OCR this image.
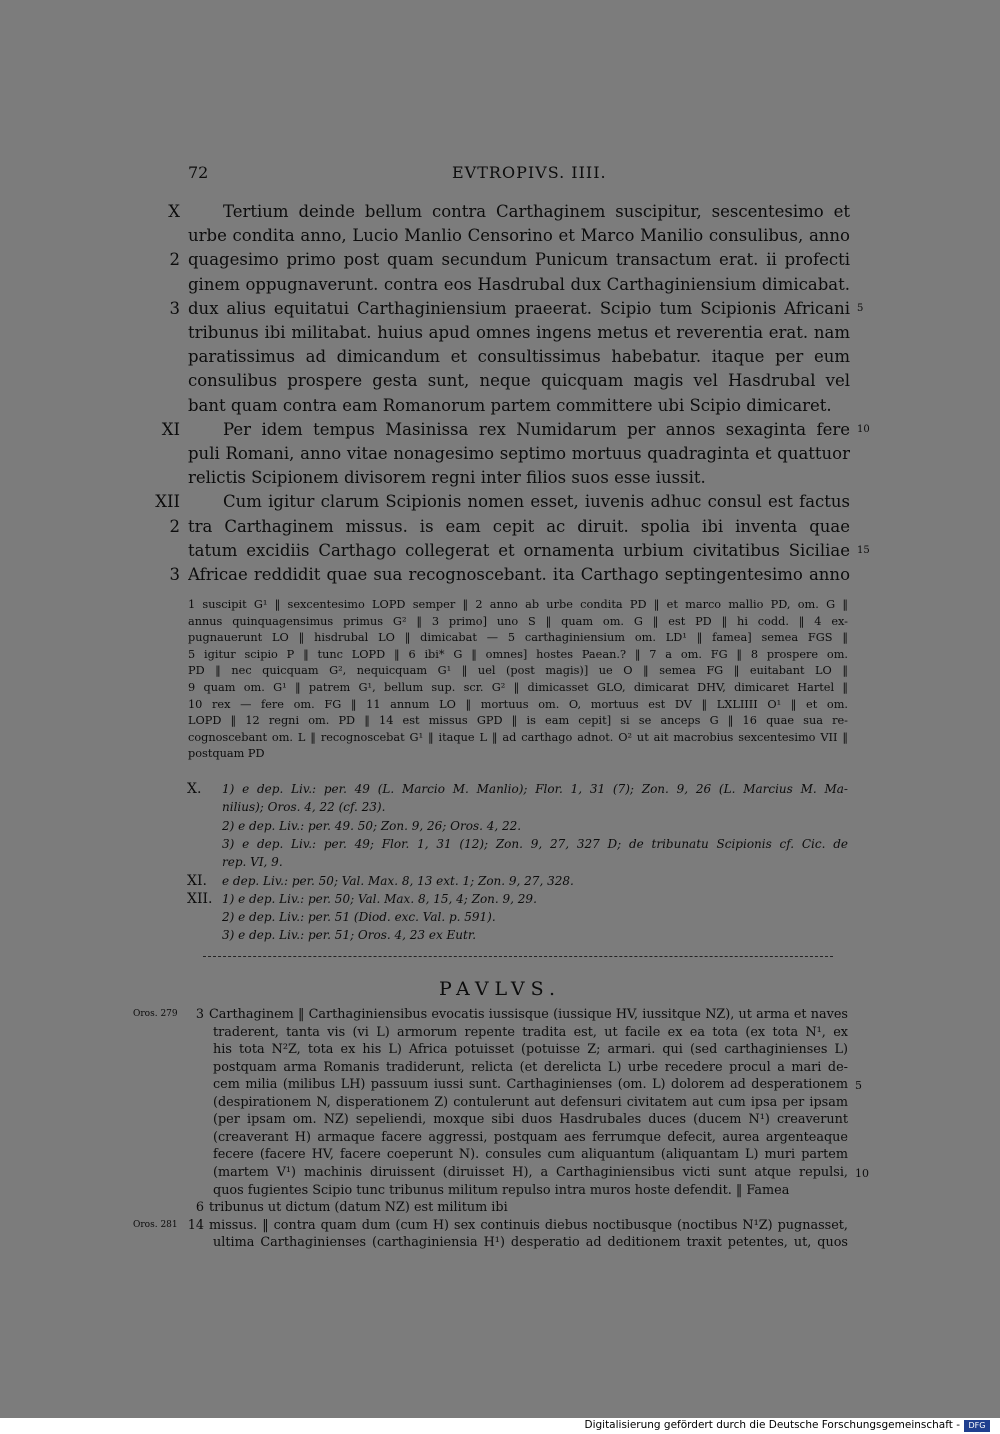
72	EVTROPIVS. IIII.
X	Tertium deinde bellum contra Carthaginem suscipitur, sescentesimo et
urbe condita anno, Lucio Manlio Censorino et Marco Manilio consulibus, anno
2 quagesimo primo post quam secundum Punicum transactum erat. ii profecti
ginem oppugnaverunt. contra eos Hasdrubal dux Carthaginiensium dimicabat.
3 dux alius equitatui Carthaginiensium praeerat. Scipio tum Scipionis Africani 5
tribunus ibi militabat. huius apud omnes ingens metus et reverentia erat. nam
paratissimus ad dimicandum et consultissimus habebatur. itaque per eum
consulibus prospere gesta sunt, neque quicquam magis vel Hasdrubal vel
bant quam contra eam Romanorum partem committere ubi Scipio dimicaret.
XI	Per idem tempus Masinissa rex Numidarum per annos sexaginta fere 10
puli Romani, anno vitae nonagesimo septimo mortuus quadraginta et quattuor
relictis Scipionem divisorem regni inter filios suos esse iussit.
XII	Cum igitur clarum Scipionis nomen esset, iuvenis adhuc consul est factus
2 tra Carthaginem missus. is eam cepit ac diruit. spolia ibi inventa quae
tatum excidiis Carthago collegerat et ornamenta urbium civitatibus Siciliae 15
3 Africae reddidit quae sua recognoscebant. ita Carthago septingentesimo anno
1 suscipit G¹ ‖ sexcentesimo LOPD semper ‖ 2 anno ab urbe condita PD ‖ et marco mallio PD, om. G ‖
annus quinquagensimus primus G² ‖ 3 primo] uno S ‖ quam om. G ‖ est PD ‖ hi codd. ‖ 4 ex-
pugnauerunt LO ‖ hisdrubal LO ‖ dimicabat — 5 carthaginiensium om. LD¹ ‖ famea] semea FGS ‖
5 igitur scipio P ‖ tunc LOPD ‖ 6 ibi* G ‖ omnes] hostes Paean.? ‖ 7 a om. FG ‖ 8 prospere om.
PD ‖ nec quicquam G², nequicquam G¹ ‖ uel (post magis)] ue O ‖ semea FG ‖ euitabant LO ‖
9 quam om. G¹ ‖ patrem G¹, bellum sup. scr. G² ‖ dimicasset GLO, dimicarat DHV, dimicaret Hartel ‖
10 rex — fere om. FG ‖ 11 annum LO ‖ mortuus om. O, mortuus est DV ‖ LXLIIII O¹ ‖ et om.
LOPD ‖ 12 regni om. PD ‖ 14 est missus GPD ‖ is eam cepit] si se anceps G ‖ 16 quae sua re-
cognoscebant om. L ‖ recognoscebat G¹ ‖ itaque L ‖ ad carthago adnot. O² ut ait macrobius sexcentesimo VII ‖
postquam PD
X. 1) e dep. Liv.: per. 49 (L. Marcio M. Manlio); Flor. 1, 31 (7); Zon. 9, 26 (L. Marcius M. Ma-
nilius); Oros. 4, 22 (cf. 23).
2) e dep. Liv.: per. 49. 50; Zon. 9, 26; Oros. 4, 22.
3) e dep. Liv.: per. 49; Flor. 1, 31 (12); Zon. 9, 27, 327 D; de tribunatu Scipionis cf. Cic. de
rep. VI, 9.
XI. e dep. Liv.: per. 50; Val. Max. 8, 13 ext. 1; Zon. 9, 27, 328.
XII. 1) e dep. Liv.: per. 50; Val. Max. 8, 15, 4; Zon. 9, 29.
2) e dep. Liv.: per. 51 (Diod. exc. Val. p. 591).
3) e dep. Liv.: per. 51; Oros. 4, 23 ex Eutr.
PAVLVS.
Oros. 279	3 Carthaginem ‖ Carthaginiensibus evocatis iussisque (iussique HV, iussitque NZ), ut arma et naves
traderent, tanta vis (vi L) armorum repente tradita est, ut facile ex ea tota (ex tota N¹, ex
his tota N²Z, tota ex his L) Africa potuisset (potuisse Z; armari. qui (sed carthaginienses L)
postquam arma Romanis tradiderunt, relicta (et derelicta L) urbe recedere procul a mari de-
cem milia (milibus LH) passuum iussi sunt. Carthaginienses (om. L) dolorem ad desperationem 5
(despirationem N, disperationem Z) contulerunt aut defensuri civitatem aut cum ipsa per ipsam
(per ipsam om. NZ) sepeliendi, moxque sibi duos Hasdrubales duces (ducem N¹) creaverunt
(creaverant H) armaque facere aggressi, postquam aes ferrumque defecit, aurea argenteaque
fecere (facere HV, facere coeperunt N). consules cum aliquantum (aliquantam L) muri partem
(martem V¹) machinis diruissent (diruisset H), a Carthaginiensibus victi sunt atque repulsi, 10
quos fugientes Scipio tunc tribunus militum repulso intra muros hoste defendit. ‖ Famea
6 tribunus ut dictum (datum NZ) est militum ibi
Oros. 281 14 missus. ‖ contra quam dum (cum H) sex continuis diebus noctibusque (noctibus N¹Z) pugnasset,
ultima Carthaginienses (carthaginiensia H¹) desperatio ad deditionem traxit petentes, ut, quos
Digitalisierung gefördert durch die Deutsche Forschungsgemeinschaft -	DFG
